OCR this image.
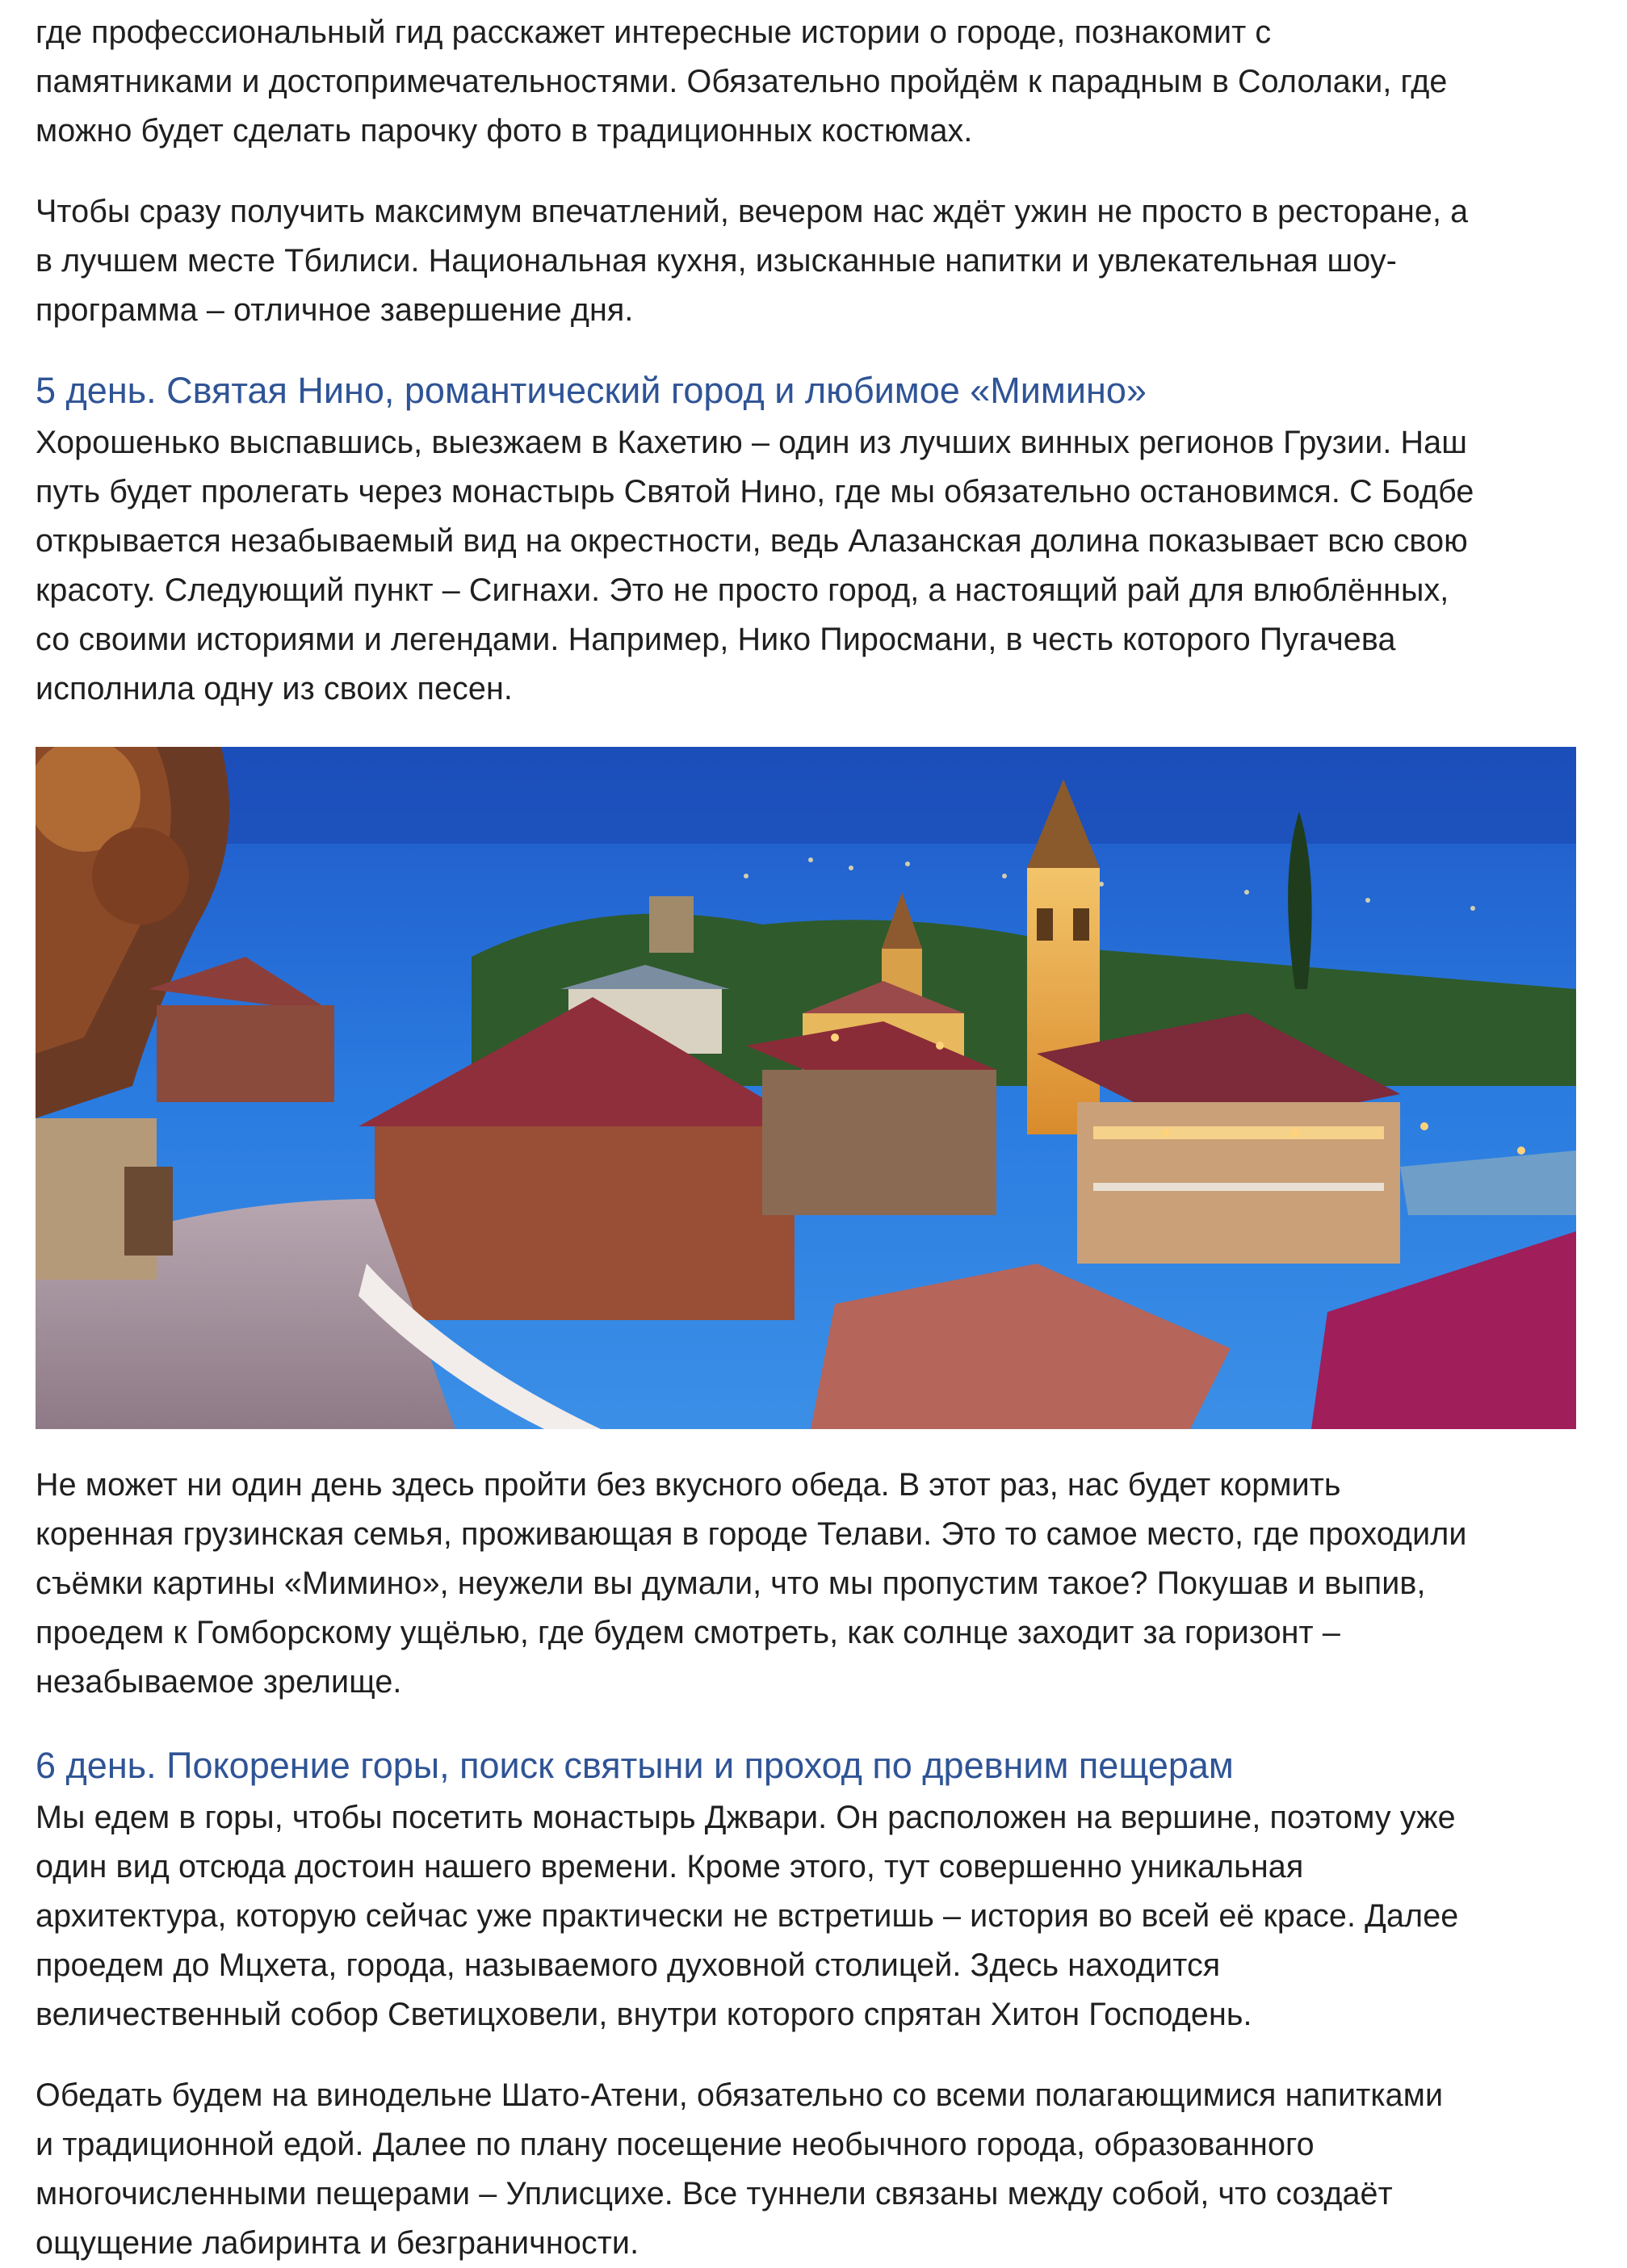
где профессиональный гид расскажет интересные истории о городе, познакомит с
памятниками и достопримечательностями. Обязательно пройдём к парадным в Сололаки, где
можно будет сделать парочку фото в традиционных костюмах.

Чтобы сразу получить максимум впечатлений, вечером нас ждёт ужин не просто в ресторане, а
в лучшем месте Тбилиси. Национальная кухня, изысканные напитки и увлекательная шоу-
программа – отличное завершение дня.

5 день. Святая Нино, романтический город и любимое «Мимино»

Хорошенько выспавшись, выезжаем в Кахетию – один из лучших винных регионов Грузии. Наш
путь будет пролегать через монастырь Святой Нино, где мы обязательно остановимся. С Бодбе
открывается незабываемый вид на окрестности, ведь Алазанская долина показывает всю свою
красоту. Следующий пункт – Сигнахи. Это не просто город, а настоящий рай для влюблённых,
со своими историями и легендами. Например, Нико Пиросмани, в честь которого Пугачева
исполнила одну из своих песен.

Не может ни один день здесь пройти без вкусного обеда. В этот раз, нас будет кормить
коренная грузинская семья, проживающая в городе Телави. Это то самое место, где проходили
съёмки картины «Мимино», неужели вы думали, что мы пропустим такое? Покушав и выпив,
проедем к Гомборскому ущёлью, где будем смотреть, как солнце заходит за горизонт –
незабываемое зрелище.

6 день. Покорение горы, поиск святыни и проход по древним пещерам

Мы едем в горы, чтобы посетить монастырь Джвари. Он расположен на вершине, поэтому уже
один вид отсюда достоин нашего времени. Кроме этого, тут совершенно уникальная
архитектура, которую сейчас уже практически не встретишь – история во всей её красе. Далее
проедем до Мцхета, города, называемого духовной столицей. Здесь находится
величественный собор Светицховели, внутри которого спрятан Хитон Господень.

Обедать будем на винодельне Шато-Атени, обязательно со всеми полагающимися напитками
и традиционной едой. Далее по плану посещение необычного города, образованного
многочисленными пещерами – Уплисцихе. Все туннели связаны между собой, что создаёт
ощущение лабиринта и безграничности.
